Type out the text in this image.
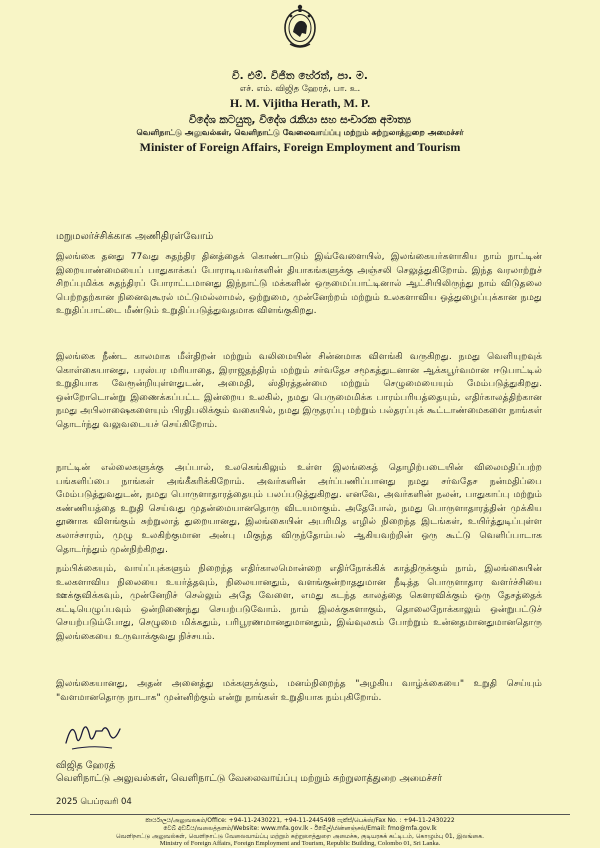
වි. එම්. විජිත හේරත්, පා. ම.
எச். எம். விஜித ஹேரத், பா. உ.
H. M. Vijitha Herath, M. P.
විදේශ කටයුතු, විදේශ රැකියා සහ සංචාරක අමාත්‍ය
வெளிநாட்டு அலுவல்கள், வெளிநாட்டு வேலைவாய்ப்பு மற்றும் சுற்றுலாத்துறை அமைச்சர்
Minister of Foreign Affairs, Foreign Employment and Tourism
மறுமலர்ச்சிக்காக அணிதிரள்வோம்

இலங்கை தனது 77வது சுதந்திர தினத்தைக் கொண்டாடும் இவ்வேளையில், இலங்கையர்களாகிய நாம் நாட்டின் இறையாண்மையைப் பாதுகாக்கப் போராடியவர்களின் தியாகங்களுக்கு அஞ்சலி செலுத்துகிறோம். இந்த வரலாற்றுச் சிறப்புமிக்க சுதந்திரப் போராட்டமானது இந்நாட்டு மக்களின் ஒருமைப்பாட்டினால் ஆட்சியிலிருந்து நாம் விடுதலை பெற்றதற்கான நினைவுகூரல் மட்டுமல்லாமல், ஒற்றுமை, முன்னேற்றம் மற்றும் உலகளாவிய ஒத்துழைப்புக்கான நமது உறுதிப்பாட்டை மீண்டும் உறுதிப்படுத்துவதமாக விளங்குகிறது.

இலங்கை நீண்ட காலமாக மீள்திறன் மற்றும் வலிமையின் சின்னமாக விளங்கி வருகிறது. நமது வெளியுறவுக் கொள்கையானது, பரஸ்பர மரியாதை, இராஜதந்திரம் மற்றும் சர்வதேச சமூகத்துடனான ஆக்கபூர்வமான ஈடுபாட்டில் உறுதியாக வேரூன்றியுள்ளதுடன், அமைதி, ஸ்திரத்தன்மை மற்றும் செழுமையையும் மேம்படுத்துகிறது. ஒன்றோடொன்று இணைக்கப்பட்ட இன்றைய உலகில், நமது பெருமைமிக்க பாரம்பரியத்தையும், எதிர்காலத்திற்கான நமது அபிலாஷைகளையும் பிரதிபலிக்கும் வகையில், நமது இருதரப்பு மற்றும் பல்தரப்புக் கூட்டாண்மைகளை நாங்கள் தொடர்ந்து வலுவடையச் செய்கிறோம்.

நாட்டின் எல்லைகளுக்கு அப்பால், உலகெங்கிலும் உள்ள இலங்கைத் தொழிற்படையின் விலைமதிப்பற்ற பங்களிப்பை நாங்கள் அங்கீகரிக்கிறோம். அவர்களின் அர்ப்பணிப்பானது நமது சர்வதேச நன்மதிப்பை மேம்படுத்துவதுடன், நமது பொருளாதாரத்தையும் பலப்படுத்துகிறது. எனவே, அவர்களின் நலன், பாதுகாப்பு மற்றும் கண்ணியத்தை உறுதி செய்வது முதன்மையானதொரு விடயமாகும். அதேபோல், நமது பொருளாதாரத்தின் முக்கிய தூணாக விளங்கும் சுற்றுலாத் துறையானது, இலங்கையின் அபரிமித எழில் நிறைந்த இடங்கள், உயிர்த்துடிப்புள்ள கலாச்சாரம், முழு உலகிற்குமான அன்பு மிகுந்த விருந்தோம்பல் ஆகியவற்றின் ஒரு கூட்டு வெளிப்பாடாக தொடர்ந்தும் முன்நிற்கிறது.

நம்பிக்கையும், வாய்ப்புக்களும் நிறைந்த எதிர்காலமொன்றை எதிர்நோக்கிக் காத்திருக்கும் நாம், இலங்கையின் உலகளாவிய நிலையை உயர்த்தவும், நிலையானதும், வளங்குன்றாததுமான நீடித்த பொருளாதார வளர்ச்சியை ஊக்குவிக்கவும், முன்னேறிச் செல்லும் அதே வேளை, எமது கடந்த காலத்தை கௌரவிக்கும் ஒரு தேசத்தைக் கட்டியெழுப்பவும் ஒன்றிணைந்து செயற்படுவோம். நாம் இலக்குகளாகும், தொலைநோக்காலும் ஒன்றுபட்டுச் செயற்படும்போது, செழுமை மிக்கதும், பரிபூரணமானதுமானதும், இவ்வுலகம் போற்றும் உன்னதமானதுமானதொரு இலங்கையை உருவாக்குவது நிச்சயம்.

இலங்கையானது, அதன் அனைத்து மக்களுக்கும், மனம்நிறைந்த "அழகிய வாழ்க்கையை" உறுதி செய்யும் "வளமானதொரு நாடாக" முன்னிற்கும் என்று நாங்கள் உறுதியாக நம்புகிறோம்.

விஜித ஹேரத்
வெளிநாட்டு அலுவல்கள், வெளிநாட்டு வேலைவாய்ப்பு மற்றும் சுற்றுலாத்துறை அமைச்சர்
2025 பெப்ரவரி 04
කාර්යාලය/அலுவலகம்/Office: +94-11-2430221, +94-11-2445498 ෆැක්ස්/பெக்ஸ்/Fax No. : +94-11-2430222
වෙබ් අඩවිය/வலைத்தளம்/Website: www.mfa.gov.lk - ඊමේල්/மின்னஞ்சல்/Email: fmo@mfa.gov.lk
வெளிநாட்டு அலுவல்கள், வெளிநாட்டு வேலைவாய்ப்பு மற்றும் சுற்றுலாத்துறை அமைச்சு, குடியரசுக் கட்டிடம், கொழும்பு 01, இலங்கை.
Ministry of Foreign Affairs, Foreign Employment and Tourism, Republic Building, Colombo 01, Sri Lanka.
